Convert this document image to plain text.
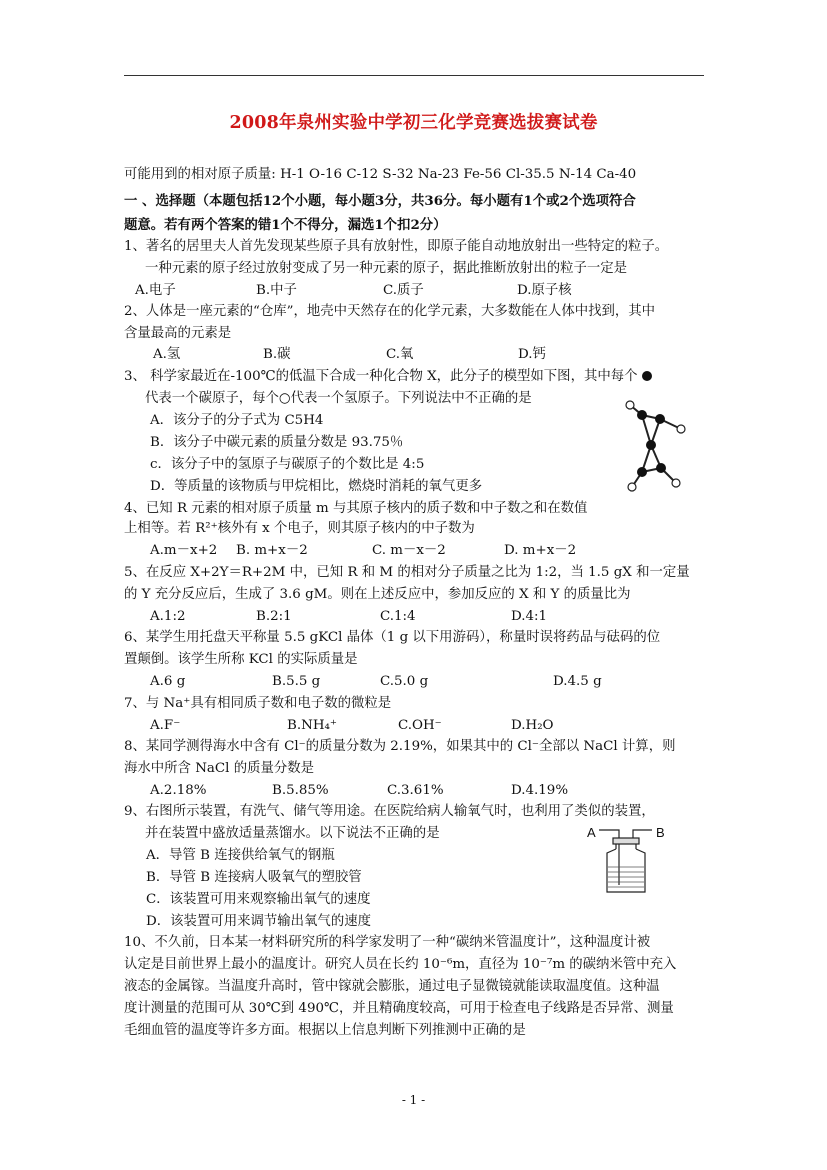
2008年泉州实验中学初三化学竞赛选拔赛试卷
可能用到的相对原子质量: H-1 O-16 C-12 S-32 Na-23 Fe-56 Cl-35.5 N-14 Ca-40
一 、选择题（本题包括12个小题，每小题3分，共36分。每小题有1个或2个选项符合
题意。若有两个答案的错1个不得分，漏选1个扣2分）
1、著名的居里夫人首先发现某些原子具有放射性，即原子能自动地放射出一些特定的粒子。
一种元素的原子经过放射变成了另一种元素的原子，据此推断放射出的粒子一定是
A.电子	B.中子	C.质子	D.原子核
2、人体是一座元素的“仓库”，地壳中天然存在的化学元素，大多数能在人体中找到，其中
含量最高的元素是
A.氢	B.碳	C.氧	D.钙
3、 科学家最近在-100℃的低温下合成一种化合物 X，此分子的模型如下图，其中每个
代表一个碳原子，每个○代表一个氢原子。下列说法中不正确的是
A．该分子的分子式为 C5H4
B．该分子中碳元素的质量分数是 93.75％
c．该分子中的氢原子与碳原子的个数比是 4:5
D．等质量的该物质与甲烷相比，燃烧时消耗的氧气更多
4、已知 R 元素的相对原子质量 m 与其原子核内的质子数和中子数之和在数值
上相等。若 R²⁺核外有 x 个电子，则其原子核内的中子数为
A.m－x+2 B. m+x－2	C. m－x－2	D. m+x－2
5、在反应 X+2Y＝R+2M 中，已知 R 和 M 的相对分子质量之比为 1:2，当 1.5 gX 和一定量
的 Y 充分反应后，生成了 3.6 gM。则在上述反应中，参加反应的 X 和 Y 的质量比为
A.1:2	B.2:1	C.1:4	D.4:1
6、某学生用托盘天平称量 5.5 gKCl 晶体（1 g 以下用游码），称量时误将药品与砝码的位
置颠倒。该学生所称 KCl 的实际质量是
A.6 g	B.5.5 g	C.5.0 g	D.4.5 g
7、与 Na⁺具有相同质子数和电子数的微粒是
A.F⁻	B.NH₄⁺	C.OH⁻	D.H₂O
8、某同学测得海水中含有 Cl⁻的质量分数为 2.19%，如果其中的 Cl⁻全部以 NaCl 计算，则
海水中所含 NaCl 的质量分数是
A.2.18%	B.5.85%	C.3.61%	D.4.19%
9、右图所示装置，有洗气、储气等用途。在医院给病人输氧气时，也利用了类似的装置，
并在装置中盛放适量蒸馏水。以下说法不正确的是
A．导管 B 连接供给氧气的钢瓶
B．导管 B 连接病人吸氧气的塑胶管
C．该装置可用来观察输出氧气的速度
D．该装置可用来调节输出氧气的速度
A	B
10、不久前，日本某一材料研究所的科学家发明了一种“碳纳米管温度计”，这种温度计被
认定是目前世界上最小的温度计。研究人员在长约 10⁻⁶m，直径为 10⁻⁷m 的碳纳米管中充入
液态的金属镓。当温度升高时，管中镓就会膨胀，通过电子显微镜就能读取温度值。这种温
度计测量的范围可从 30℃到 490℃，并且精确度较高，可用于检查电子线路是否异常、测量
毛细血管的温度等许多方面。根据以上信息判断下列推测中正确的是
- 1 -
